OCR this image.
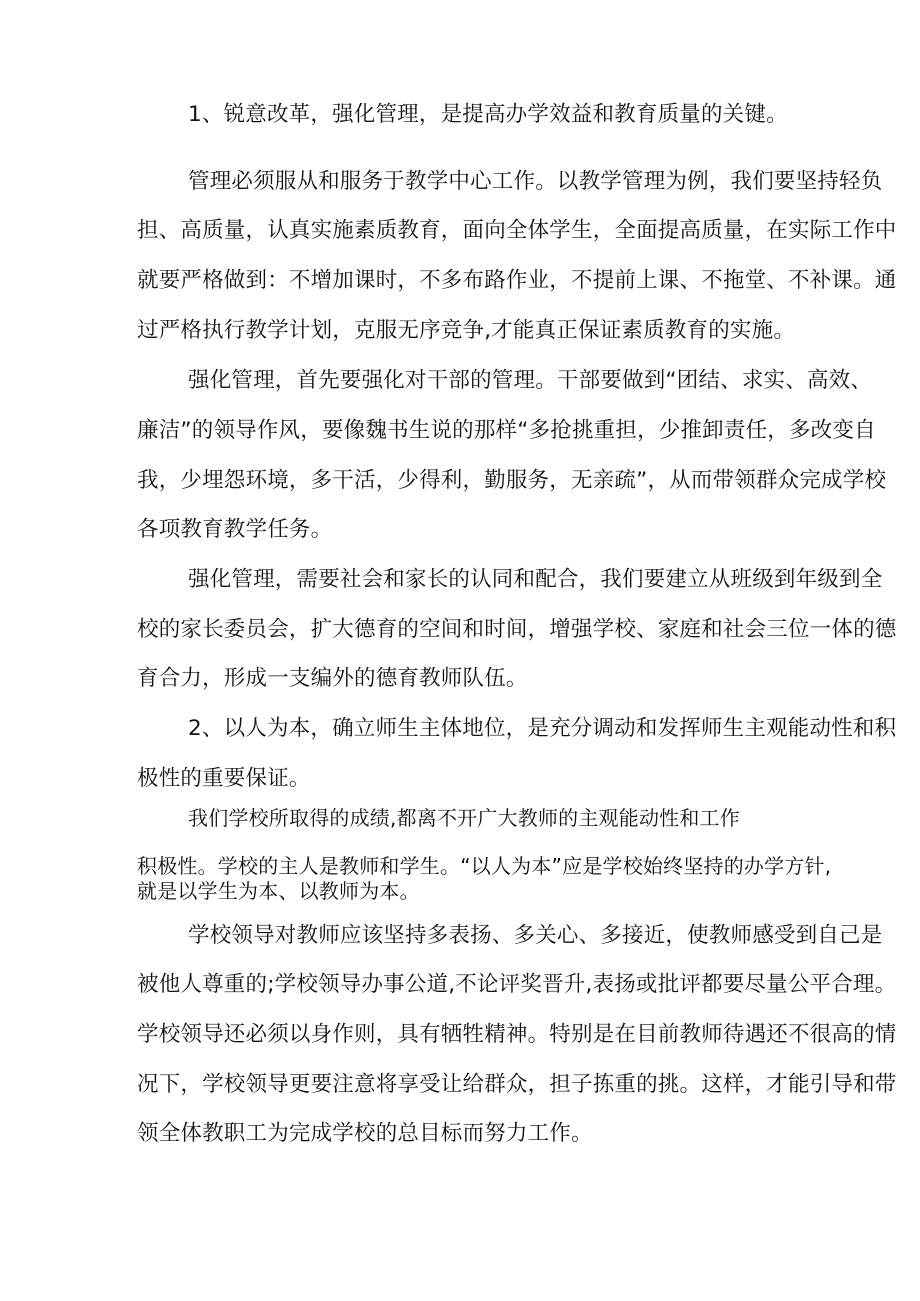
1、锐意改革，强化管理，是提高办学效益和教育质量的关键。
管理必须服从和服务于教学中心工作。以教学管理为例，我们要坚持轻负
担、高质量，认真实施素质教育，面向全体学生，全面提高质量，在实际工作中
就要严格做到：不增加课时，不多布路作业，不提前上课、不拖堂、不补课。通
过严格执行教学计划，克服无序竞争,才能真正保证素质教育的实施。
强化管理，首先要强化对干部的管理。干部要做到“团结、求实、高效、
廉洁”的领导作风，要像魏书生说的那样“多抢挑重担，少推卸责任，多改变自
我，少埋怨环境，多干活，少得利，勤服务，无亲疏”，从而带领群众完成学校
各项教育教学任务。
强化管理，需要社会和家长的认同和配合，我们要建立从班级到年级到全
校的家长委员会，扩大德育的空间和时间，增强学校、家庭和社会三位一体的德
育合力，形成一支编外的德育教师队伍。
2、以人为本，确立师生主体地位，是充分调动和发挥师生主观能动性和积
极性的重要保证。
我们学校所取得的成绩,都离不开广大教师的主观能动性和工作
积极性。学校的主人是教师和学生。“以人为本”应是学校始终坚持的办学方针,
就是以学生为本、以教师为本。
学校领导对教师应该坚持多表扬、多关心、多接近，使教师感受到自己是
被他人尊重的;学校领导办事公道,不论评奖晋升,表扬或批评都要尽量公平合理。
学校领导还必须以身作则，具有牺牲精神。特别是在目前教师待遇还不很高的情
况下，学校领导更要注意将享受让给群众，担子拣重的挑。这样，才能引导和带
领全体教职工为完成学校的总目标而努力工作。
